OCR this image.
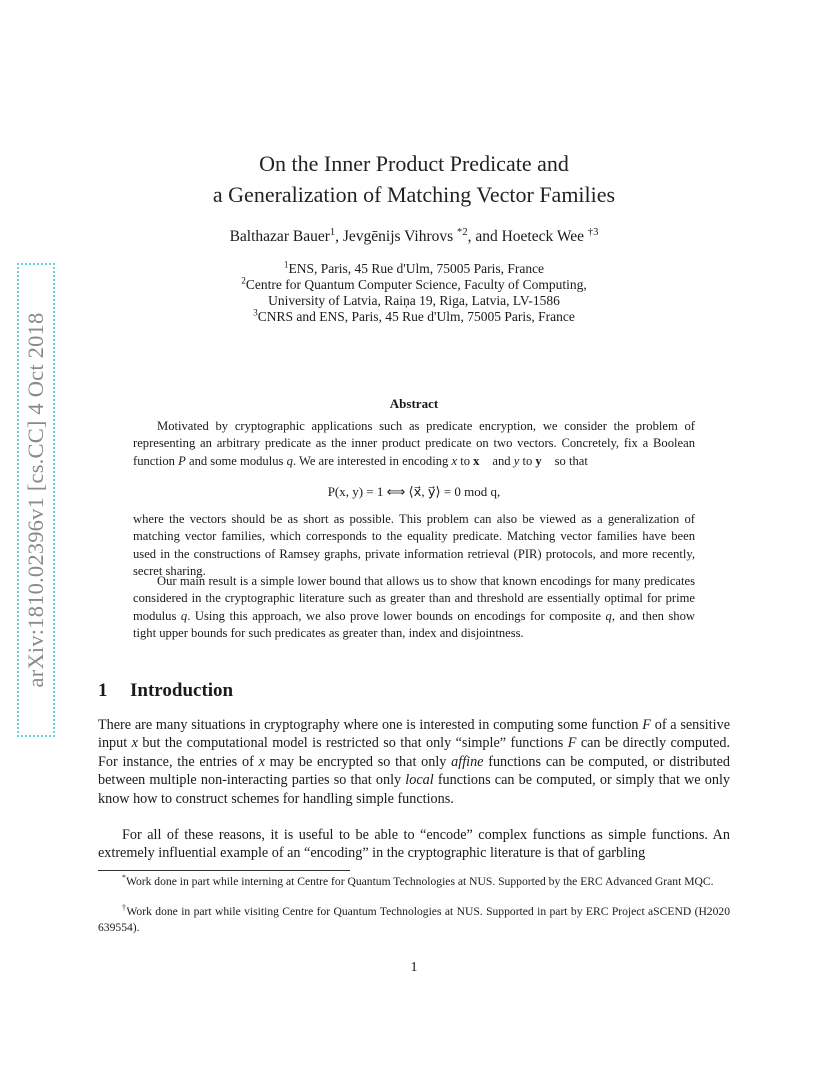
arXiv:1810.02396v1 [cs.CC] 4 Oct 2018
On the Inner Product Predicate and
a Generalization of Matching Vector Families
Balthazar Bauer$^1$, Jevgēnijs Vihrovs $^{*2}$, and Hoeteck Wee $^{\dagger 3}$
$^1$ENS, Paris, 45 Rue d'Ulm, 75005 Paris, France
$^2$Centre for Quantum Computer Science, Faculty of Computing,
University of Latvia, Raiņa 19, Riga, Latvia, LV-1586
$^3$CNRS and ENS, Paris, 45 Rue d'Ulm, 75005 Paris, France
Abstract
Motivated by cryptographic applications such as predicate encryption, we consider the problem of representing an arbitrary predicate as the inner product predicate on two vectors. Concretely, fix a Boolean function P and some modulus q. We are interested in encoding x to x⃗ and y to y⃗ so that
P(x, y) = 1 ⟺ ⟨x⃗, y⃗⟩ = 0 mod q,
where the vectors should be as short as possible. This problem can also be viewed as a generalization of matching vector families, which corresponds to the equality predicate. Matching vector families have been used in the constructions of Ramsey graphs, private information retrieval (PIR) protocols, and more recently, secret sharing.
Our main result is a simple lower bound that allows us to show that known encodings for many predicates considered in the cryptographic literature such as greater than and threshold are essentially optimal for prime modulus q. Using this approach, we also prove lower bounds on encodings for composite q, and then show tight upper bounds for such predicates as greater than, index and disjointness.
1 Introduction
There are many situations in cryptography where one is interested in computing some function F of a sensitive input x but the computational model is restricted so that only “simple” functions F can be directly computed. For instance, the entries of x may be encrypted so that only affine functions can be computed, or distributed between multiple non-interacting parties so that only local functions can be computed, or simply that we only know how to construct schemes for handling simple functions.
For all of these reasons, it is useful to be able to “encode” complex functions as simple functions. An extremely influential example of an “encoding” in the cryptographic literature is that of garbling
*Work done in part while interning at Centre for Quantum Technologies at NUS. Supported by the ERC Advanced Grant MQC.
†Work done in part while visiting Centre for Quantum Technologies at NUS. Supported in part by ERC Project aSCEND (H2020 639554).
1
